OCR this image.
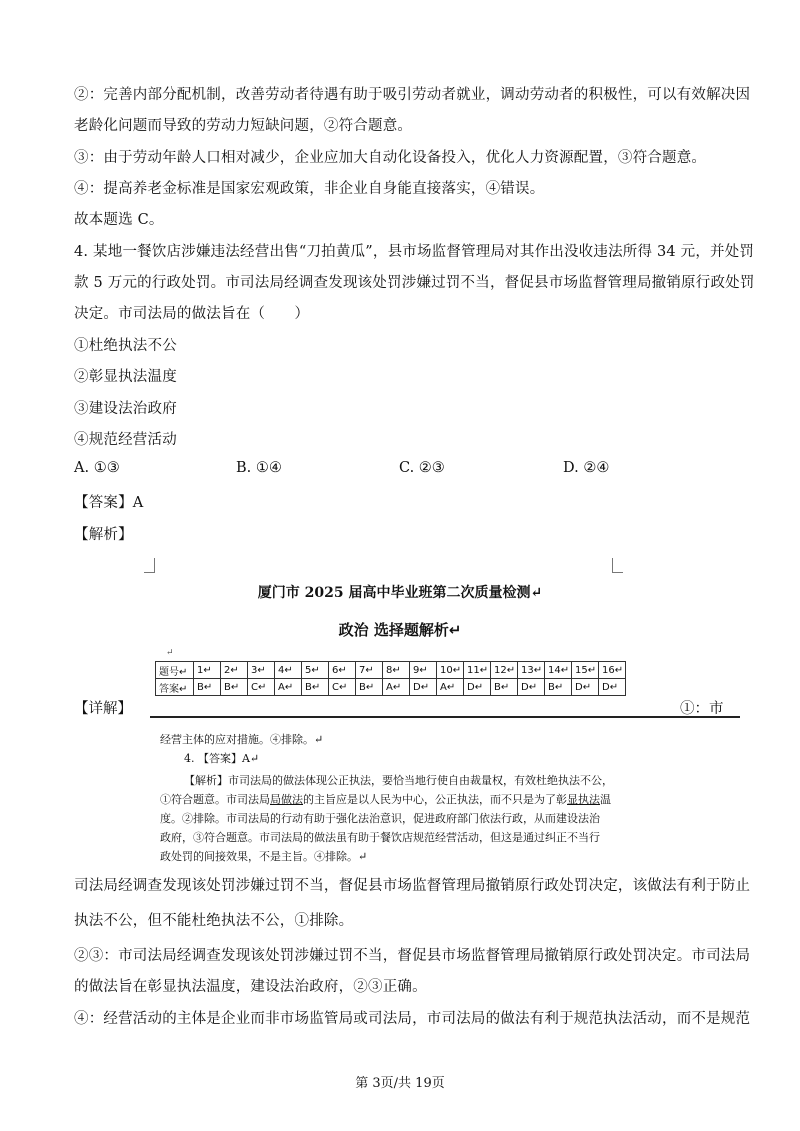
②：完善内部分配机制，改善劳动者待遇有助于吸引劳动者就业，调动劳动者的积极性，可以有效解决因
老龄化问题而导致的劳动力短缺问题，②符合题意。
③：由于劳动年龄人口相对减少，企业应加大自动化设备投入，优化人力资源配置，③符合题意。
④：提高养老金标准是国家宏观政策，非企业自身能直接落实，④错误。
故本题选 C。
4. 某地一餐饮店涉嫌违法经营出售“刀拍黄瓜”，县市场监督管理局对其作出没收违法所得 34 元，并处罚
款 5 万元的行政处罚。市司法局经调查发现该处罚涉嫌过罚不当，督促县市场监督管理局撤销原行政处罚
决定。市司法局的做法旨在（　　）
①杜绝执法不公
②彰显执法温度
③建设法治政府
④规范经营活动
A. ①③	B. ①④	C. ②③	D. ②④
【答案】A
【解析】
厦门市 2025 届高中毕业班第二次质量检测↵
政治 选择题解析↵
↵
题号↵	1↵	2↵	3↵	4↵	5↵	6↵	7↵	8↵	9↵	10↵	11↵	12↵	13↵	14↵	15↵	16↵
答案↵	B↵	B↵	C↵	A↵	B↵	C↵	B↵	A↵	D↵	A↵	D↵	B↵	D↵	B↵	D↵	D↵
经营主体的应对措施。④排除。↵
4. 【答案】A↵
【解析】市司法局的做法体现公正执法，要恰当地行使自由裁量权，有效杜绝执法不公，
①符合题意。市司法局局做法的主旨应是以人民为中心，公正执法，而不只是为了彰显执法温
度。②排除。市司法局的行动有助于强化法治意识，促进政府部门依法行政，从而建设法治
政府，③符合题意。市司法局的做法虽有助于餐饮店规范经营活动，但这是通过纠正不当行
政处罚的间接效果，不是主旨。④排除。↵
【详解】	①：市
司法局经调查发现该处罚涉嫌过罚不当，督促县市场监督管理局撤销原行政处罚决定，该做法有利于防止
执法不公，但不能杜绝执法不公，①排除。
②③：市司法局经调查发现该处罚涉嫌过罚不当，督促县市场监督管理局撤销原行政处罚决定。市司法局
的做法旨在彰显执法温度，建设法治政府，②③正确。
④：经营活动的主体是企业而非市场监管局或司法局，市司法局的做法有利于规范执法活动，而不是规范
第 3页/共 19页
